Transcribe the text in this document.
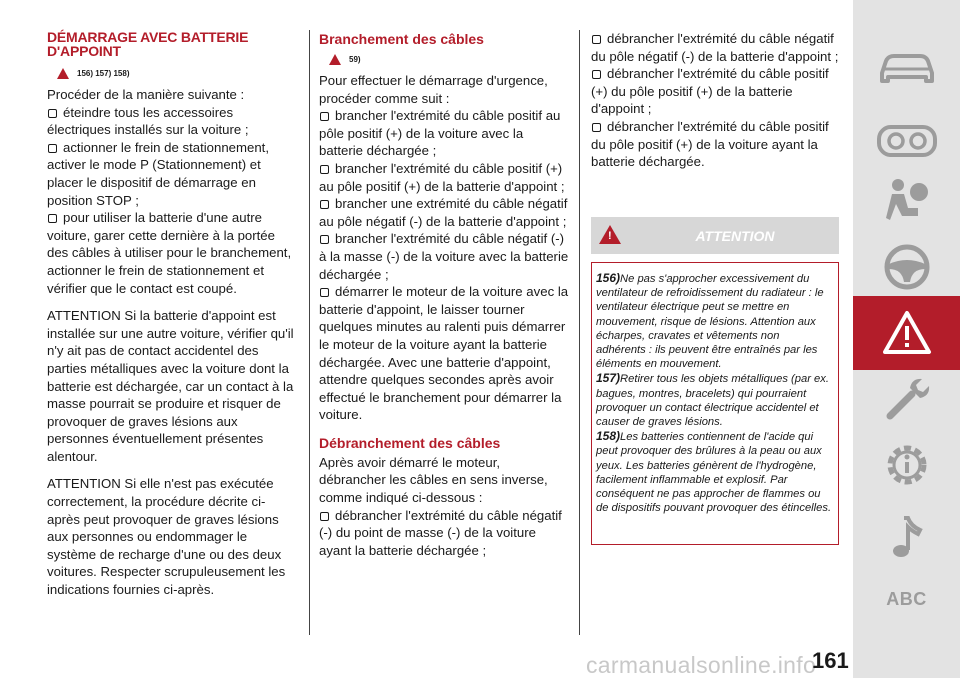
DÉMARRAGE AVEC BATTERIE D'APPOINT
156) 157) 158)

Procéder de la manière suivante :

éteindre tous les accessoires électriques installés sur la voiture ;
actionner le frein de stationnement, activer le mode P (Stationnement) et placer le dispositif de démarrage en position STOP ;
pour utiliser la batterie d'une autre voiture, garer cette dernière à la portée des câbles à utiliser pour le branchement, actionner le frein de stationnement et vérifier que le contact est coupé.

ATTENTION Si la batterie d'appoint est installée sur une autre voiture, vérifier qu'il n'y ait pas de contact accidentel des parties métalliques avec la voiture dont la batterie est déchargée, car un contact à la masse pourrait se produire et risquer de provoquer de graves lésions aux personnes éventuellement présentes alentour.

ATTENTION Si elle n'est pas exécutée correctement, la procédure décrite ci-après peut provoquer de graves lésions aux personnes ou endommager le système de recharge d'une ou des deux voitures. Respecter scrupuleusement les indications fournies ci-après.

Branchement des câbles
59)

Pour effectuer le démarrage d'urgence, procéder comme suit :

brancher l'extrémité du câble positif au pôle positif (+) de la voiture avec la batterie déchargée ;
brancher l'extrémité du câble positif (+) au pôle positif (+) de la batterie d'appoint ;
brancher une extrémité du câble négatif au pôle négatif (-) de la batterie d'appoint ;
brancher l'extrémité du câble négatif (-) à la masse (-) de la voiture avec la batterie déchargée ;
démarrer le moteur de la voiture avec la batterie d'appoint, le laisser tourner quelques minutes au ralenti puis démarrer le moteur de la voiture ayant la batterie déchargée. Avec une batterie d'appoint, attendre quelques secondes après avoir effectué le branchement pour démarrer la voiture.
Débranchement des câbles

Après avoir démarré le moteur, débrancher les câbles en sens inverse, comme indiqué ci-dessous :

débrancher l'extrémité du câble négatif (-) du point de masse (-) de la voiture ayant la batterie déchargée ;
débrancher l'extrémité du câble négatif du pôle négatif (-) de la batterie d'appoint ;
débrancher l'extrémité du câble positif (+) du pôle positif (+) de la batterie d'appoint ;
débrancher l'extrémité du câble positif du pôle positif (+) de la voiture ayant la batterie déchargée.
!	ATTENTION

156)Ne pas s'approcher excessivement du ventilateur de refroidissement du radiateur : le ventilateur électrique peut se mettre en mouvement, risque de lésions. Attention aux écharpes, cravates et vêtements non adhérents : ils peuvent être entraînés par les éléments en mouvement.

157)Retirer tous les objets métalliques (par ex. bagues, montres, bracelets) qui pourraient provoquer un contact électrique accidentel et causer de graves lésions.

158)Les batteries contiennent de l'acide qui peut provoquer des brûlures à la peau ou aux yeux. Les batteries génèrent de l'hydrogène, facilement inflammable et explosif. Par conséquent ne pas approcher de flammes ou de dispositifs pouvant provoquer des étincelles.

ABC
carmanualsonline.info
161
